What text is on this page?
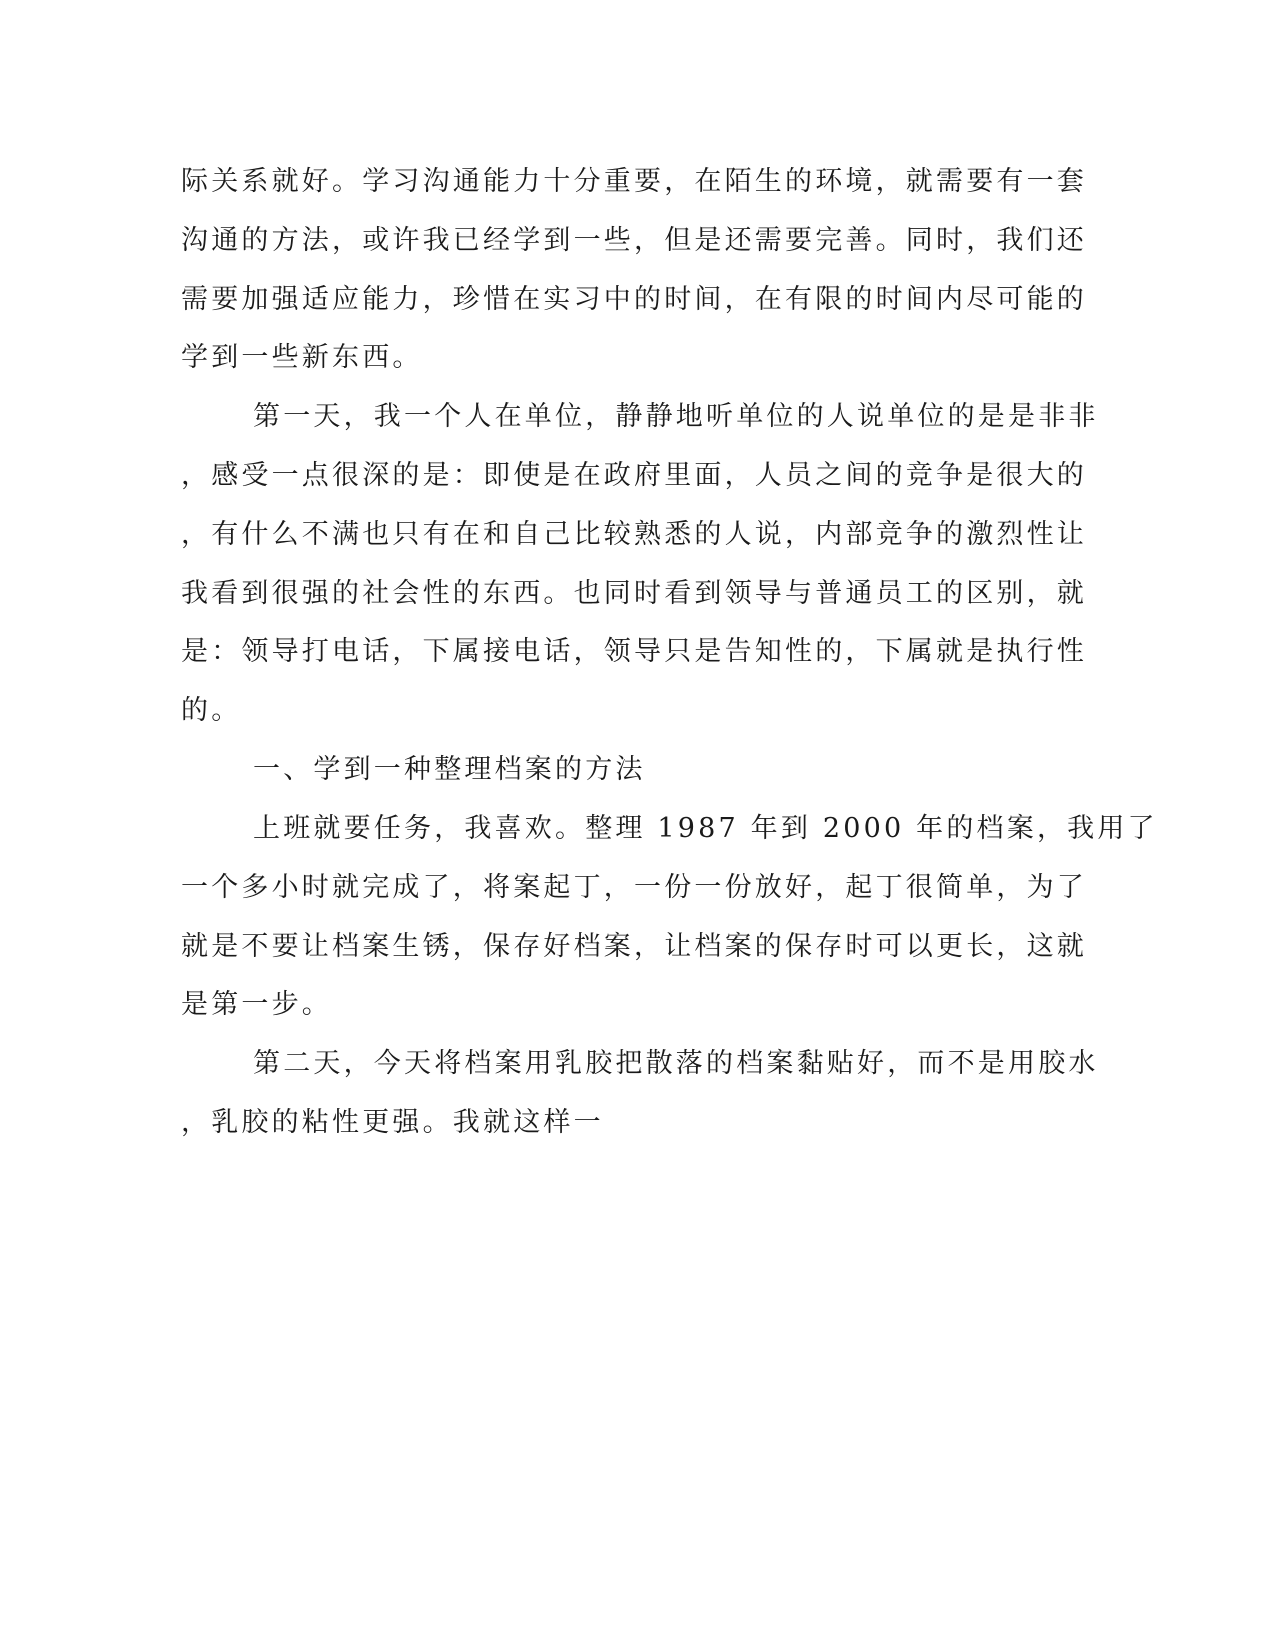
际关系就好。学习沟通能力十分重要，在陌生的环境，就需要有一套
沟通的方法，或许我已经学到一些，但是还需要完善。同时，我们还
需要加强适应能力，珍惜在实习中的时间，在有限的时间内尽可能的
学到一些新东西。
第一天，我一个人在单位，静静地听单位的人说单位的是是非非
，感受一点很深的是：即使是在政府里面，人员之间的竞争是很大的
，有什么不满也只有在和自己比较熟悉的人说，内部竞争的激烈性让
我看到很强的社会性的东西。也同时看到领导与普通员工的区别，就
是：领导打电话，下属接电话，领导只是告知性的，下属就是执行性
的。
一、学到一种整理档案的方法
上班就要任务，我喜欢。整理 1987 年到 2000 年的档案，我用了
一个多小时就完成了，将案起丁，一份一份放好，起丁很简单，为了
就是不要让档案生锈，保存好档案，让档案的保存时可以更长，这就
是第一步。
第二天，今天将档案用乳胶把散落的档案黏贴好，而不是用胶水
，乳胶的粘性更强。我就这样一
